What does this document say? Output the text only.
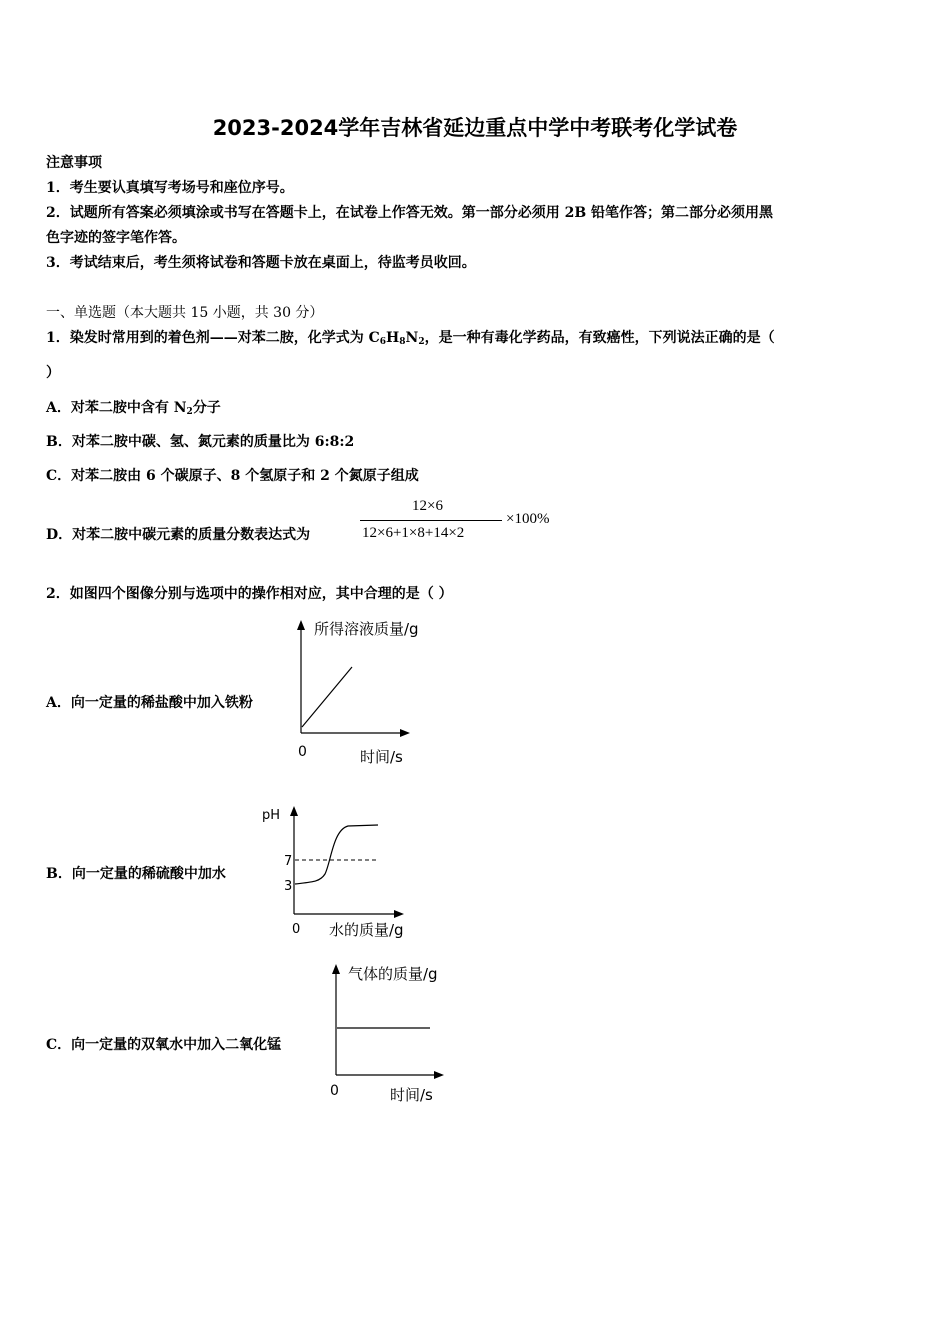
2023-2024学年吉林省延边重点中学中考联考化学试卷
注意事项
1．考生要认真填写考场号和座位序号。
2．试题所有答案必须填涂或书写在答题卡上，在试卷上作答无效。第一部分必须用 2B 铅笔作答；第二部分必须用黑
色字迹的签字笔作答。
3．考试结束后，考生须将试卷和答题卡放在桌面上，待监考员收回。
一、单选题（本大题共 15 小题，共 30 分）
1．染发时常用到的着色剂——对苯二胺，化学式为 $C_6H_8N_2$，是一种有毒化学药品，有致癌性，下列说法正确的是（
）
A．对苯二胺中含有 $N_2$分子
B．对苯二胺中碳、氢、氮元素的质量比为 6:8:2
C．对苯二胺由 6 个碳原子、8 个氢原子和 2 个氮原子组成
D．对苯二胺中碳元素的质量分数表达式为
12×6
12×6+1×8+14×2
×100%
2．如图四个图像分别与选项中的操作相对应，其中合理的是（ ）
A．向一定量的稀盐酸中加入铁粉
B．向一定量的稀硫酸中加水
C．向一定量的双氧水中加入二氧化锰
所得溶液质量/g
0	时间/s
pH
7
3
0 水的质量/g
气体的质量/g
0	时间/s
